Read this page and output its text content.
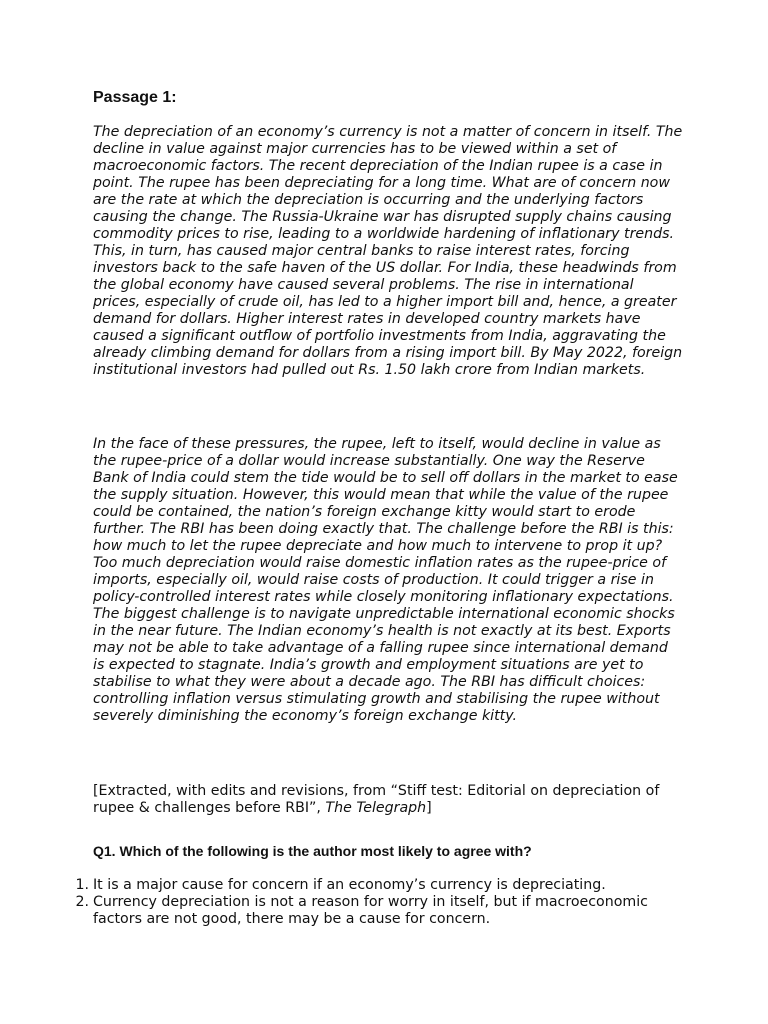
Passage 1:

The depreciation of an economy’s currency is not a matter of concern in itself. The decline in value against major currencies has to be viewed within a set of macroeconomic factors. The recent depreciation of the Indian rupee is a case in point. The rupee has been depreciating for a long time. What are of concern now are the rate at which the depreciation is occurring and the underlying factors causing the change. The Russia-Ukraine war has disrupted supply chains causing commodity prices to rise, leading to a worldwide hardening of inflationary trends. This, in turn, has caused major central banks to raise interest rates, forcing investors back to the safe haven of the US dollar. For India, these headwinds from the global economy have caused several problems. The rise in international prices, especially of crude oil, has led to a higher import bill and, hence, a greater demand for dollars. Higher interest rates in developed country markets have caused a significant outflow of portfolio investments from India, aggravating the already climbing demand for dollars from a rising import bill. By May 2022, foreign institutional investors had pulled out Rs. 1.50 lakh crore from Indian markets.

In the face of these pressures, the rupee, left to itself, would decline in value as the rupee-price of a dollar would increase substantially. One way the Reserve Bank of India could stem the tide would be to sell off dollars in the market to ease the supply situation. However, this would mean that while the value of the rupee could be contained, the nation’s foreign exchange kitty would start to erode further. The RBI has been doing exactly that. The challenge before the RBI is this: how much to let the rupee depreciate and how much to intervene to prop it up? Too much depreciation would raise domestic inflation rates as the rupee-price of imports, especially oil, would raise costs of production. It could trigger a rise in policy-controlled interest rates while closely monitoring inflationary expectations. The biggest challenge is to navigate unpredictable international economic shocks in the near future. The Indian economy’s health is not exactly at its best. Exports may not be able to take advantage of a falling rupee since international demand is expected to stagnate. India’s growth and employment situations are yet to stabilise to what they were about a decade ago. The RBI has difficult choices: controlling inflation versus stimulating growth and stabilising the rupee without severely diminishing the economy’s foreign exchange kitty.

[Extracted, with edits and revisions, from “Stiff test: Editorial on depreciation of rupee & challenges before RBI”, The Telegraph]

Q1. Which of the following is the author most likely to agree with?
1. It is a major cause for concern if an economy’s currency is depreciating.
2. Currency depreciation is not a reason for worry in itself, but if macroeconomic factors are not good, there may be a cause for concern.
